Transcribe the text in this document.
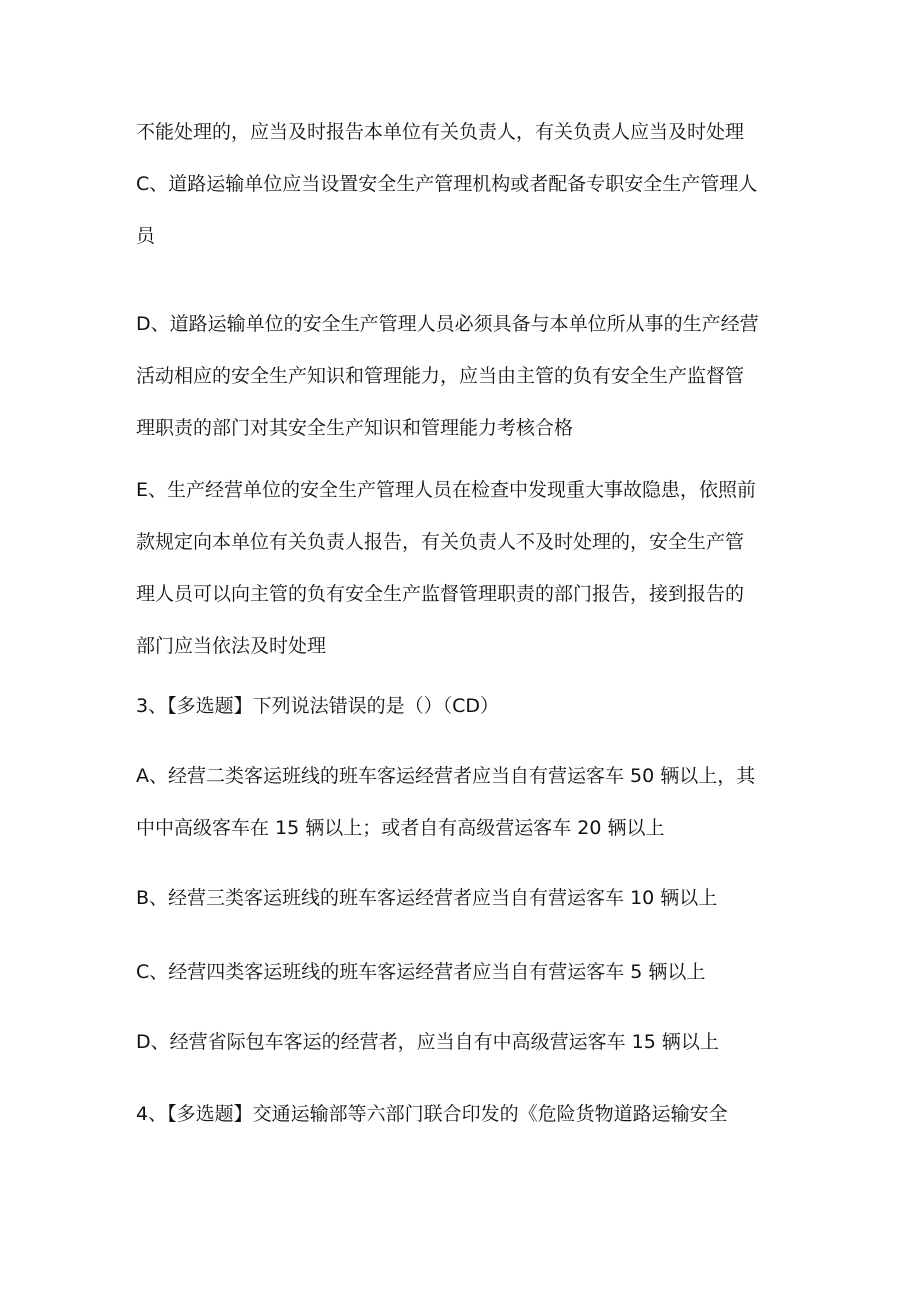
不能处理的，应当及时报告本单位有关负责人，有关负责人应当及时处理
C、道路运输单位应当设置安全生产管理机构或者配备专职安全生产管理人
员
D、道路运输单位的安全生产管理人员必须具备与本单位所从事的生产经营
活动相应的安全生产知识和管理能力，应当由主管的负有安全生产监督管
理职责的部门对其安全生产知识和管理能力考核合格
E、生产经营单位的安全生产管理人员在检查中发现重大事故隐患，依照前
款规定向本单位有关负责人报告，有关负责人不及时处理的，安全生产管
理人员可以向主管的负有安全生产监督管理职责的部门报告，接到报告的
部门应当依法及时处理
3、【多选题】下列说法错误的是（）（CD）
A、经营二类客运班线的班车客运经营者应当自有营运客车 50 辆以上，其
中中高级客车在 15 辆以上；或者自有高级营运客车 20 辆以上
B、经营三类客运班线的班车客运经营者应当自有营运客车 10 辆以上
C、经营四类客运班线的班车客运经营者应当自有营运客车 5 辆以上
D、经营省际包车客运的经营者，应当自有中高级营运客车 15 辆以上
4、【多选题】交通运输部等六部门联合印发的《危险货物道路运输安全
